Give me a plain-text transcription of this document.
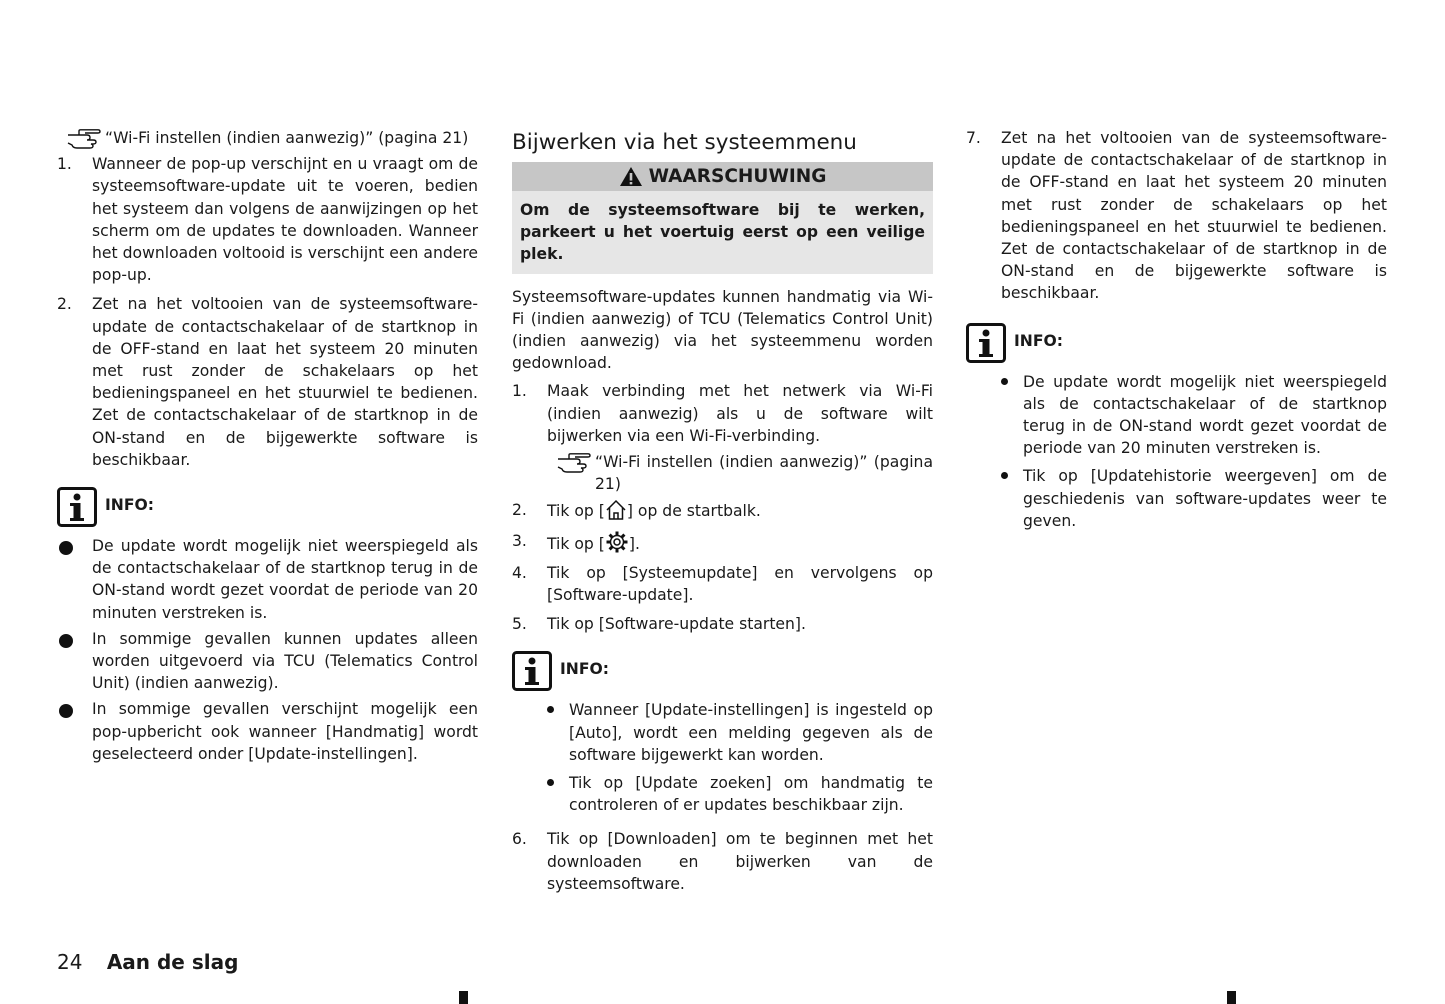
“Wi-Fi instellen (indien aanwezig)” (pagina 21)
1. Wanneer de pop-up verschijnt en u vraagt om de systeemsoftware-update uit te voeren, bedien het systeem dan volgens de aanwijzingen op het scherm om de updates te downloaden. Wanneer het downloaden voltooid is verschijnt een andere pop-up.
2. Zet na het voltooien van de systeemsoftware-update de contactschakelaar of de startknop in de OFF-stand en laat het systeem 20 minuten met rust zonder de schakelaars op het bedieningspaneel en het stuurwiel te bedienen. Zet de contactschakelaar of de startknop in de ON-stand en de bijgewerkte software is beschikbaar.
INFO:
De update wordt mogelijk niet weerspiegeld als de contactschakelaar of de startknop terug in de ON-stand wordt gezet voordat de periode van 20 minuten verstreken is.
In sommige gevallen kunnen updates alleen worden uitgevoerd via TCU (Telematics Control Unit) (indien aanwezig).
In sommige gevallen verschijnt mogelijk een pop-upbericht ook wanneer [Handmatig] wordt geselecteerd onder [Update-instellingen].
Bijwerken via het systeemmenu
WAARSCHUWING
Om de systeemsoftware bij te werken, parkeert u het voertuig eerst op een veilige plek.
Systeemsoftware-updates kunnen handmatig via Wi-Fi (indien aanwezig) of TCU (Telematics Control Unit) (indien aanwezig) via het systeemmenu worden gedownload.
1. Maak verbinding met het netwerk via Wi-Fi (indien aanwezig) als u de software wilt bijwerken via een Wi-Fi-verbinding.
“Wi-Fi instellen (indien aanwezig)” (pagina 21)
2. Tik op [ ] op de startbalk.
3. Tik op [ ].
4. Tik op [Systeemupdate] en vervolgens op [Software-update].
5. Tik op [Software-update starten].
INFO:
Wanneer [Update-instellingen] is ingesteld op [Auto], wordt een melding gegeven als de software bijgewerkt kan worden.
Tik op [Update zoeken] om handmatig te controleren of er updates beschikbaar zijn.
6. Tik op [Downloaden] om te beginnen met het downloaden en bijwerken van de systeemsoftware.
7. Zet na het voltooien van de systeemsoftware-update de contactschakelaar of de startknop in de OFF-stand en laat het systeem 20 minuten met rust zonder de schakelaars op het bedieningspaneel en het stuurwiel te bedienen. Zet de contactschakelaar of de startknop in de ON-stand en de bijgewerkte software is beschikbaar.
INFO:
De update wordt mogelijk niet weerspiegeld als de contactschakelaar of de startknop terug in de ON-stand wordt gezet voordat de periode van 20 minuten verstreken is.
Tik op [Updatehistorie weergeven] om de geschiedenis van software-updates weer te geven.
24 Aan de slag
